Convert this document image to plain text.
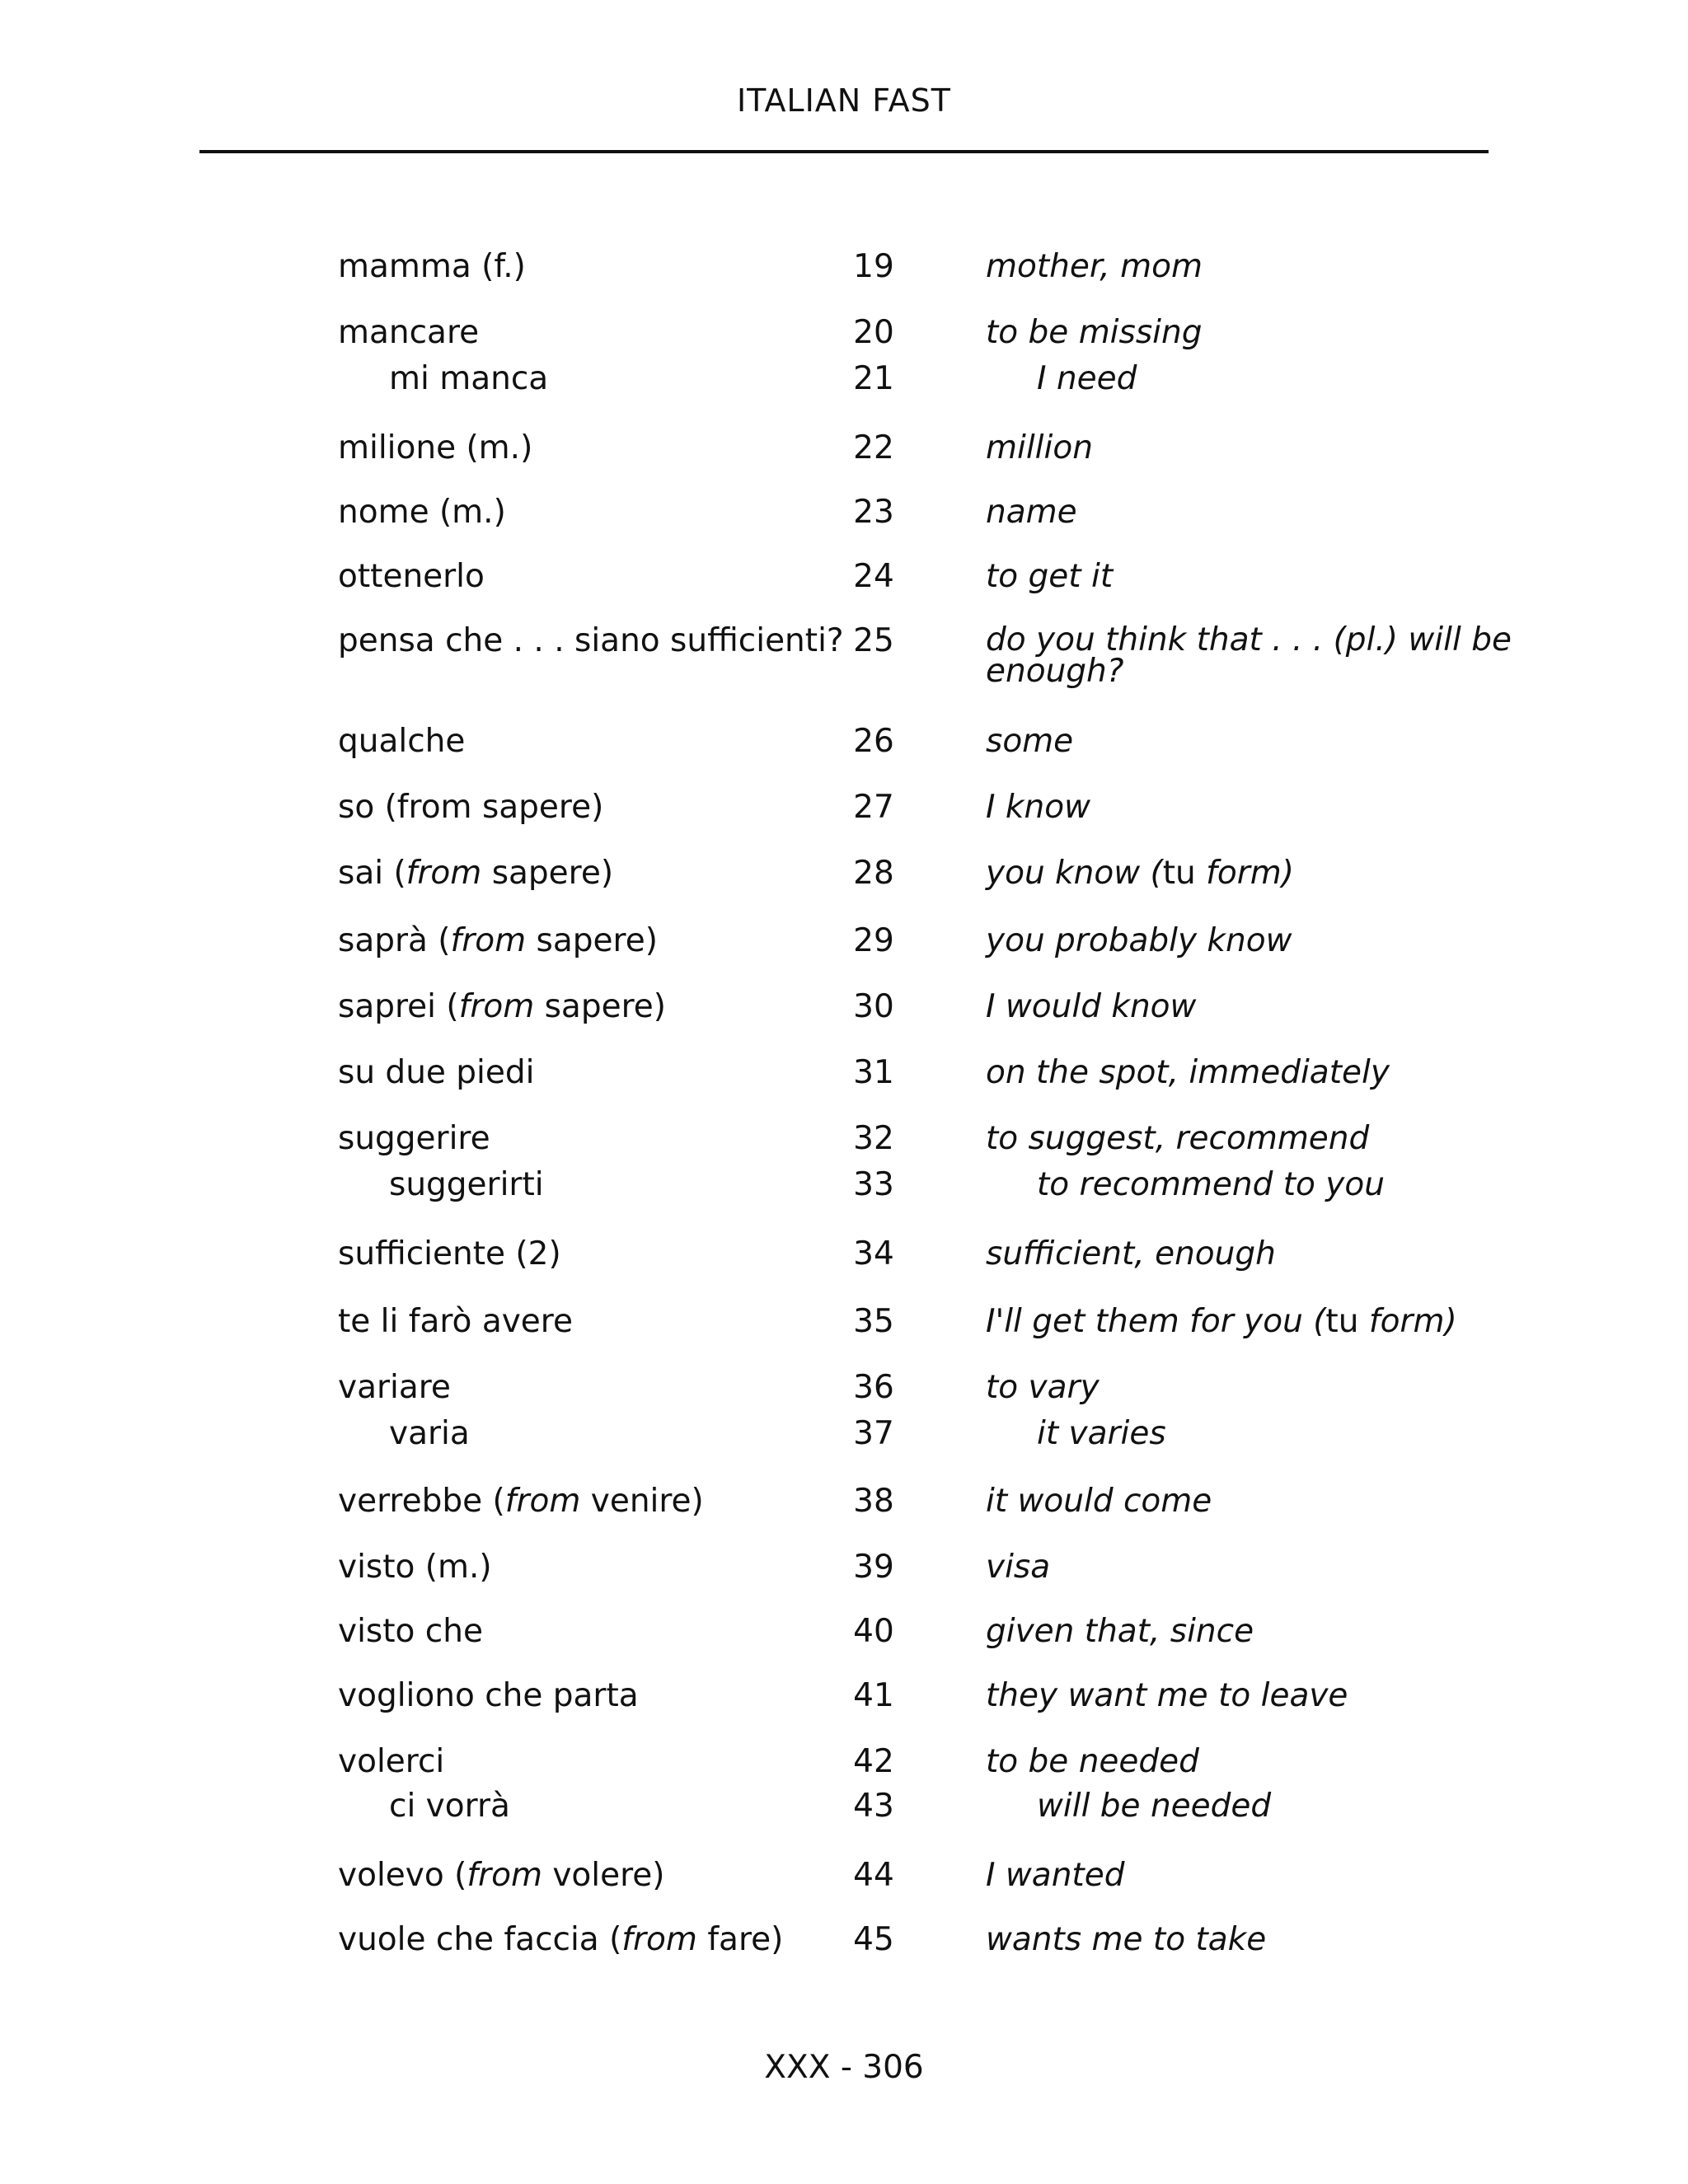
ITALIAN FAST
mamma (f.)	19	mother, mom
mancare	20	to be missing
mi manca	21	I need
milione (m.)	22	million
nome (m.)	23	name
ottenerlo	24	to get it
pensa che . . . siano sufficienti? 25	do you think that . . . (pl.) will be enough?
qualche	26	some
so (from sapere)	27	I know
sai (from sapere)	28	you know (tu form)
saprà (from sapere)	29	you probably know
saprei (from sapere)	30	I would know
su due piedi	31	on the spot, immediately
suggerire	32	to suggest, recommend
suggerirti	33	to recommend to you
sufficiente (2)	34	sufficient, enough
te li farò avere	35	I'll get them for you (tu form)
variare	36	to vary
varia	37	it varies
verrebbe (from venire)	38	it would come
visto (m.)	39	visa
visto che	40	given that, since
vogliono che parta	41	they want me to leave
volerci	42	to be needed
ci vorrà	43	will be needed
volevo (from volere)	44	I wanted
vuole che faccia (from fare) 45	wants me to take
XXX - 306
